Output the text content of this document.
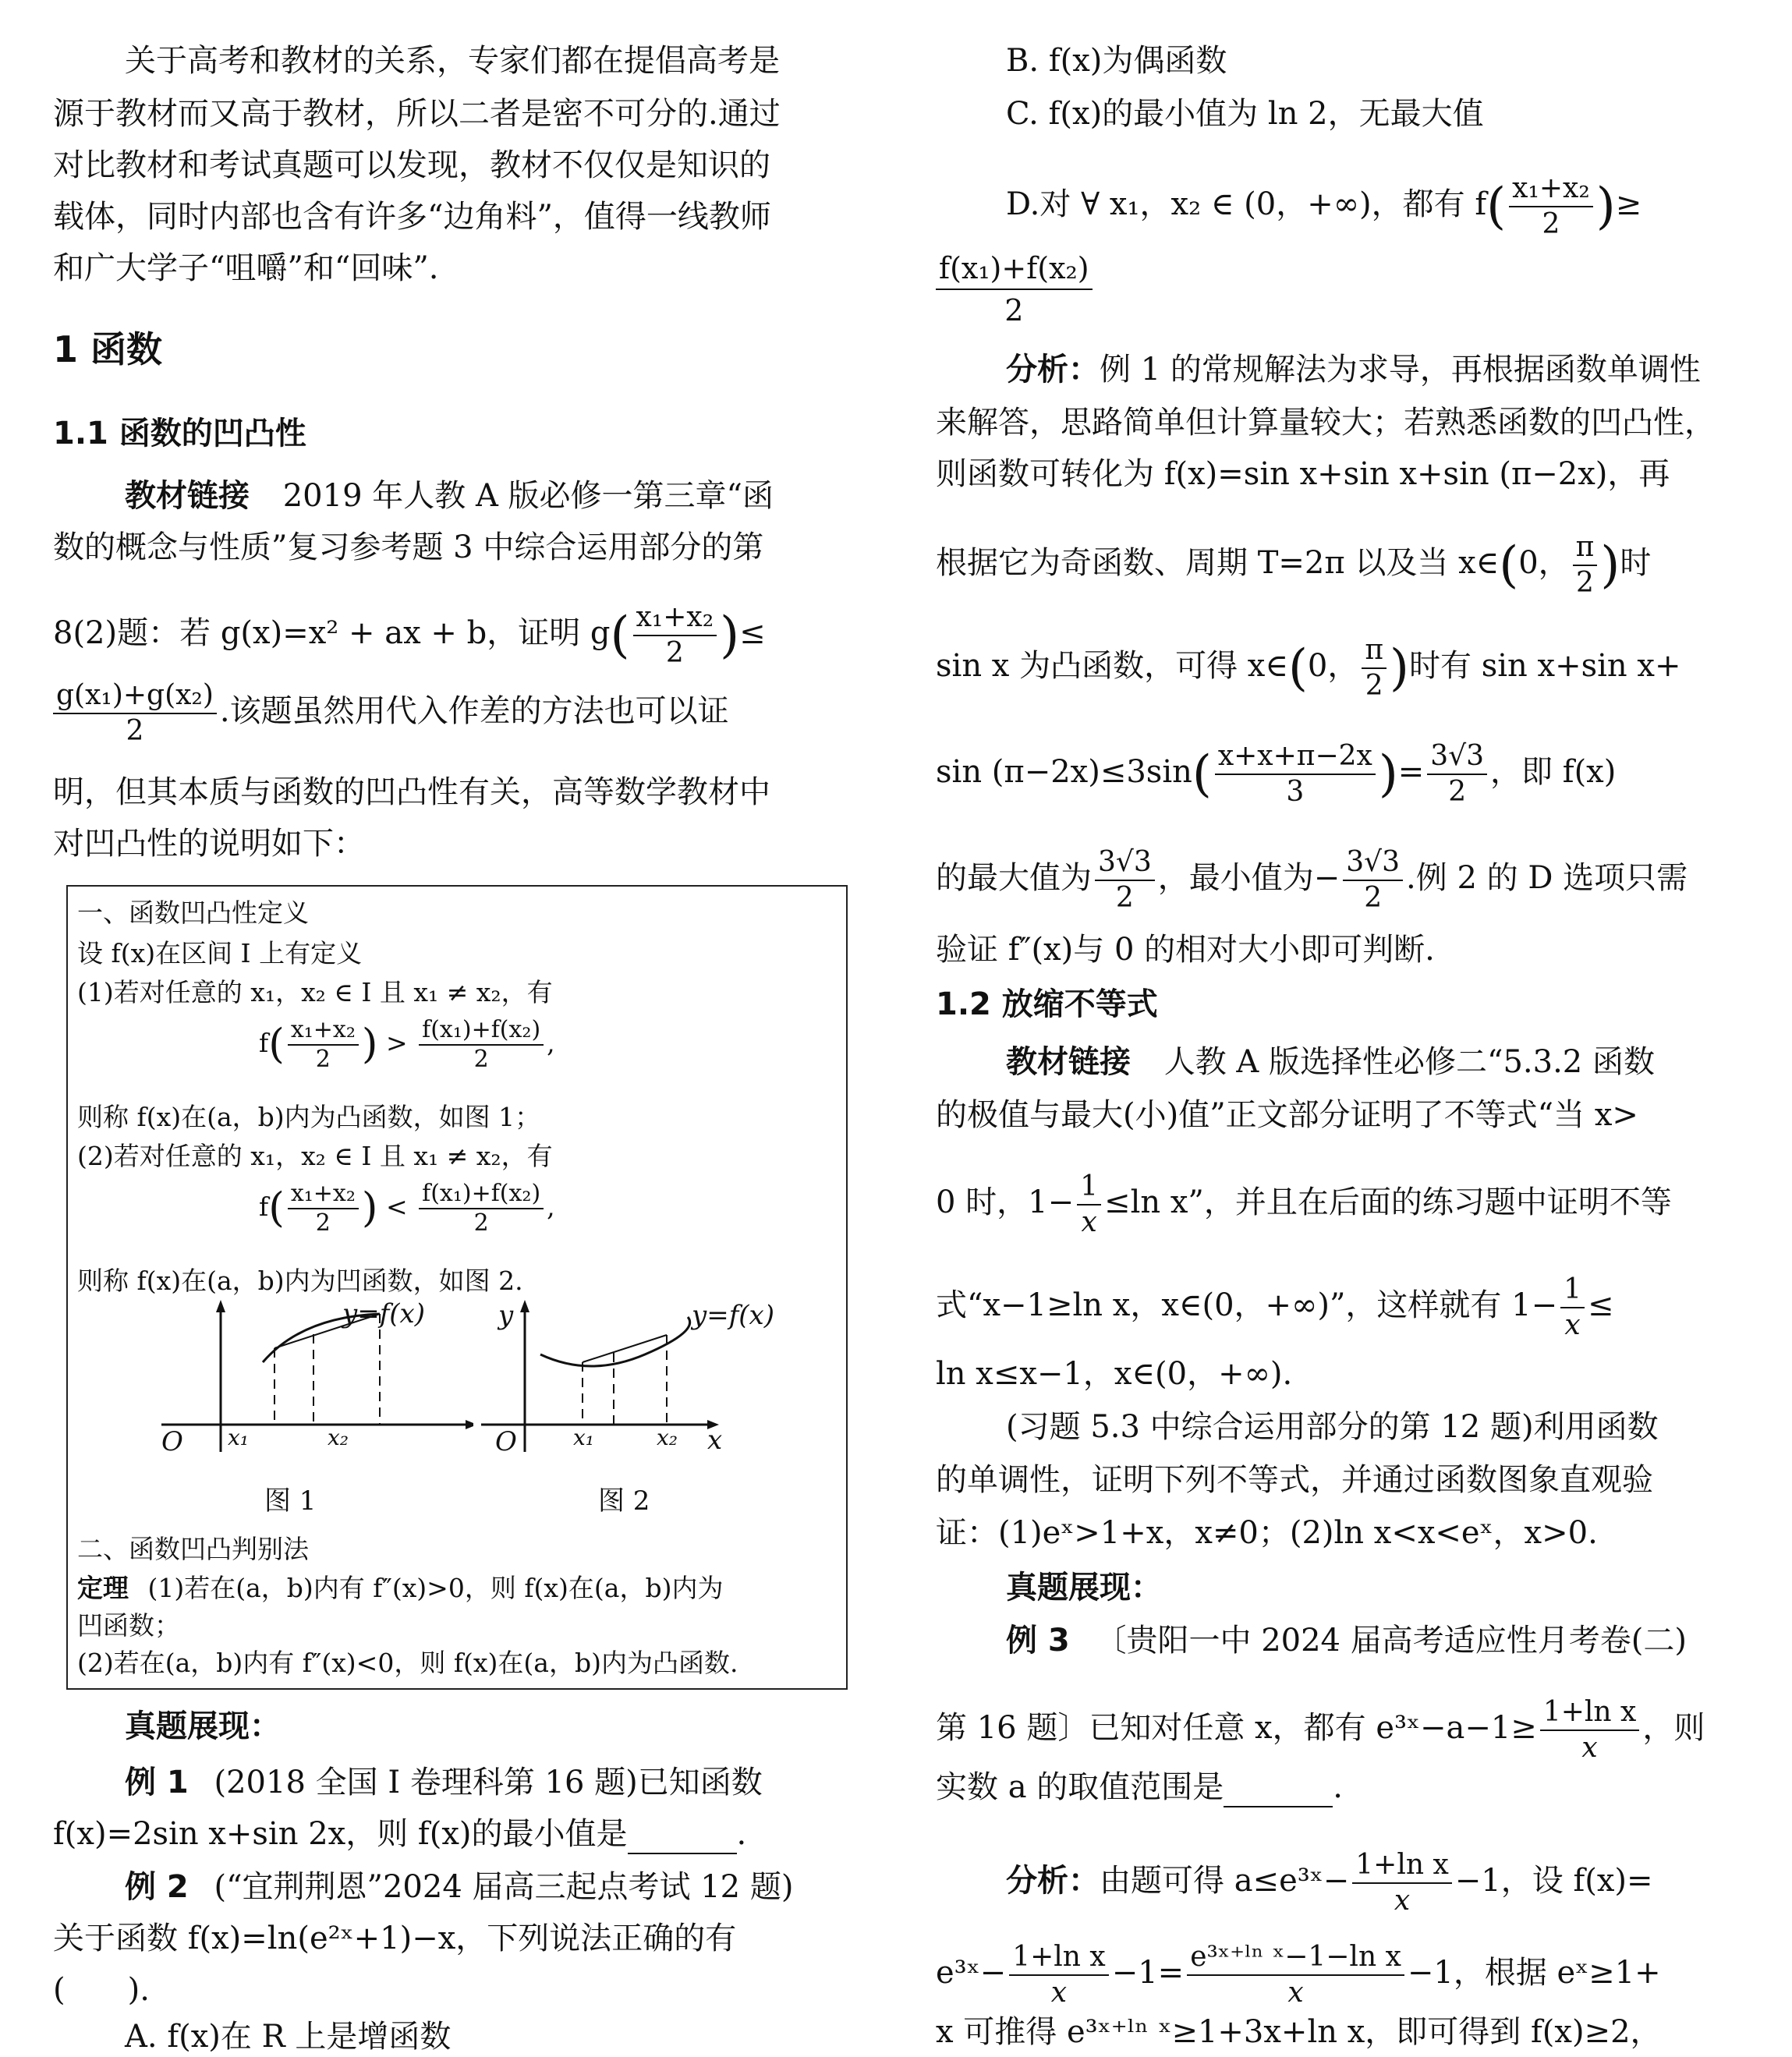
关于高考和教材的关系，专家们都在提倡高考是
源于教材而又高于教材，所以二者是密不可分的.通过
对比教材和考试真题可以发现，教材不仅仅是知识的
载体，同时内部也含有许多“边角料”，值得一线教师
和广大学子“咀嚼”和“回味”.
1 函数
1.1 函数的凹凸性
教材链接 2019 年人教 A 版必修一第三章“函
数的概念与性质”复习参考题 3 中综合运用部分的第
8(2)题：若 g(x)=x² + ax + b，证明 $g( \frac{\text{x₁+x₂}}{2}$ )≤
$\frac{\text{g(x₁)+g(x₂)}}{2}$ .该题虽然用代入作差的方法也可以证
明，但其本质与函数的凹凸性有关，高等数学教材中
对凹凸性的说明如下：
一、函数凹凸性定义
设 f(x)在区间 I 上有定义
(1)若对任意的 x₁，x₂ ∈ I 且 x₁ ≠ x₂，有
$f( \frac{\text{x₁+x₂}}{2}$ ) > $\frac{\text{f(x₁)+f(x₂)}}{2}$ ,
则称 f(x)在(a，b)内为凸函数，如图 1；
(2)若对任意的 x₁，x₂ ∈ I 且 x₁ ≠ x₂，有
$f( \frac{\text{x₁+x₂}}{2}$ ) < $\frac{\text{f(x₁)+f(x₂)}}{2}$ ,
则称 f(x)在(a，b)内为凹函数，如图 2.
y=f(x)
O x₁	x₂
图 1
y	y=f(x)
O	x₁	x₂ x
图 2
二、函数凹凸判别法
定理 (1)若在(a，b)内有 f″(x)>0，则 f(x)在(a，b)内为
凹函数；
(2)若在(a，b)内有 f″(x)<0，则 f(x)在(a，b)内为凸函数.
真题展现：
例 1 (2018 全国 Ⅰ 卷理科第 16 题)已知函数
f(x)=2sin x+sin 2x，则 f(x)的最小值是	.
例 2 (“宜荆荆恩”2024 届高三起点考试 12 题)
关于函数 f(x)=ln(e²ˣ+1)−x，下列说法正确的有
(　　).
A. f(x)在 R 上是增函数
B. f(x)为偶函数
C. f(x)的最小值为 ln 2，无最大值
D.对 ∀ x₁，x₂ ∈ (0，+∞)，都有 $f( \frac{\text{x₁+x₂}}{2}$ )≥
$\frac{\text{f(x₁)+f(x₂)}}{2}$
分析：例 1 的常规解法为求导，再根据函数单调性
来解答，思路简单但计算量较大；若熟悉函数的凹凸性，
则函数可转化为 f(x)=sin x+sin x+sin (π−2x)，再
根据它为奇函数、周期 T=2π 以及当 x∈(0， $\frac{\pi}{2}$ )时
sin x 为凸函数，可得 x∈(0， $\frac{\pi}{2}$ )时有 sin x+sin x+
$\sin (\pi-2x)\le 3\sin( \frac{x+x+\pi-2x}{3}$ )= $\frac{3√3}{2}$ ，即 f(x)
的最大值为 $\frac{3√3}{2}$ ，最小值为− $\frac{3√3}{2}$ .例 2 的 D 选项只需
验证 f″(x)与 0 的相对大小即可判断.
1.2 放缩不等式
教材链接 人教 A 版选择性必修二“5.3.2 函数
的极值与最大(小)值”正文部分证明了不等式“当 x>
0 时，$1- \frac{1}{x} \le\ln$ x”，并且在后面的练习题中证明不等
式“x−1≥ln x，x∈(0，+∞)”，这样就有 $1- \frac{1}{x}$ ≤
ln x≤x−1，x∈(0，+∞).
(习题 5.3 中综合运用部分的第 12 题)利用函数
的单调性，证明下列不等式，并通过函数图象直观验
证：(1)eˣ>1+x，x≠0；(2)ln x<x<eˣ，x>0.
真题展现：
例 3 〔贵阳一中 2024 届高考适应性月考卷(二)
第 16 题〕已知对任意 x，都有 e³ˣ−a−1≥ $\frac{\text{1+ln x}}{x}$ ，则
实数 a 的取值范围是	.
分析：由题可得 a≤e³ˣ− $\frac{\text{1+ln x}}{x} -1$，设 f(x)=
e³ˣ− $\frac{\text{1+ln x}}{x} -1= \frac{\text{e³ˣ⁺ˡⁿ ˣ−1−ln x}}{x} -1$，根据 eˣ≥1+
x 可推得 e³ˣ⁺ˡⁿ ˣ≥1+3x+ln x，即可得到 f(x)≥2，
